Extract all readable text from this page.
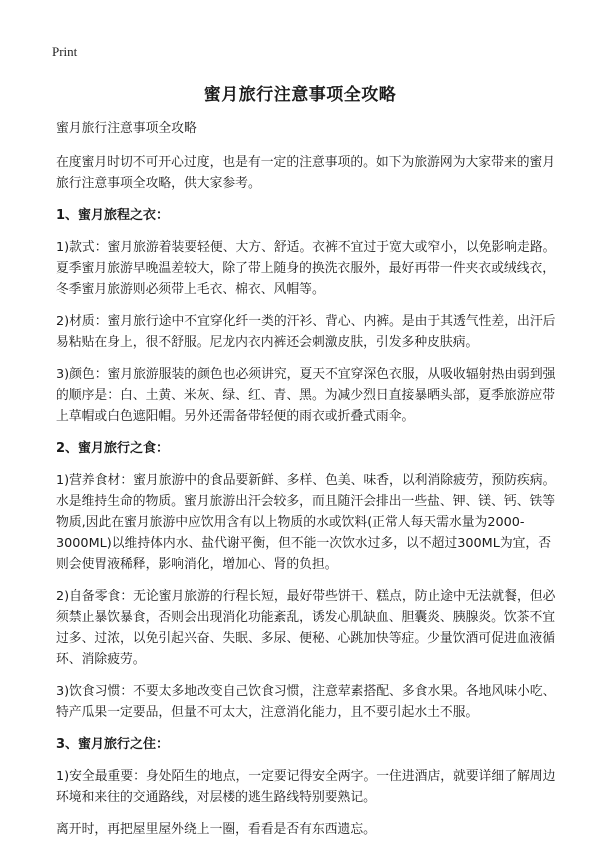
Print
蜜月旅行注意事项全攻略

蜜月旅行注意事项全攻略

在度蜜月时切不可开心过度，也是有一定的注意事项的。如下为旅游网为大家带来的蜜月旅行注意事项全攻略，供大家参考。

1、蜜月旅程之衣：

1)款式：蜜月旅游着装要轻便、大方、舒适。衣裤不宜过于宽大或窄小，以免影响走路。夏季蜜月旅游早晚温差较大，除了带上随身的换洗衣服外，最好再带一件夹衣或绒线衣，冬季蜜月旅游则必须带上毛衣、棉衣、风帽等。

2)材质：蜜月旅行途中不宜穿化纤一类的汗衫、背心、内裤。是由于其透气性差，出汗后易粘贴在身上，很不舒服。尼龙内衣内裤还会刺激皮肤，引发多种皮肤病。

3)颜色：蜜月旅游服装的颜色也必须讲究，夏天不宜穿深色衣服，从吸收辐射热由弱到强的顺序是：白、土黄、米灰、绿、红、青、黑。为减少烈日直接暴晒头部，夏季旅游应带上草帽或白色遮阳帽。另外还需备带轻便的雨衣或折叠式雨伞。

2、蜜月旅行之食：

1)营养食材：蜜月旅游中的食品要新鲜、多样、色美、味香，以利消除疲劳，预防疾病。水是维持生命的物质。蜜月旅游出汗会较多，而且随汗会排出一些盐、钾、镁、钙、铁等物质,因此在蜜月旅游中应饮用含有以上物质的水或饮料(正常人每天需水量为2000-3000ML)以维持体内水、盐代谢平衡，但不能一次饮水过多，以不超过300ML为宜，否则会使胃液稀释，影响消化，增加心、肾的负担。

2)自备零食：无论蜜月旅游的行程长短，最好带些饼干、糕点，防止途中无法就餐，但必须禁止暴饮暴食，否则会出现消化功能紊乱，诱发心肌缺血、胆囊炎、胰腺炎。饮茶不宜过多、过浓，以免引起兴奋、失眠、多尿、便秘、心跳加快等症。少量饮酒可促进血液循环、消除疲劳。

3)饮食习惯：不要太多地改变自己饮食习惯，注意荤素搭配、多食水果。各地风味小吃、特产瓜果一定要品，但量不可太大，注意消化能力，且不要引起水土不服。

3、蜜月旅行之住：

1)安全最重要：身处陌生的地点，一定要记得安全两字。一住进酒店，就要详细了解周边环境和来往的交通路线，对层楼的逃生路线特别要熟记。

离开时，再把屋里屋外绕上一圈，看看是否有东西遗忘。
